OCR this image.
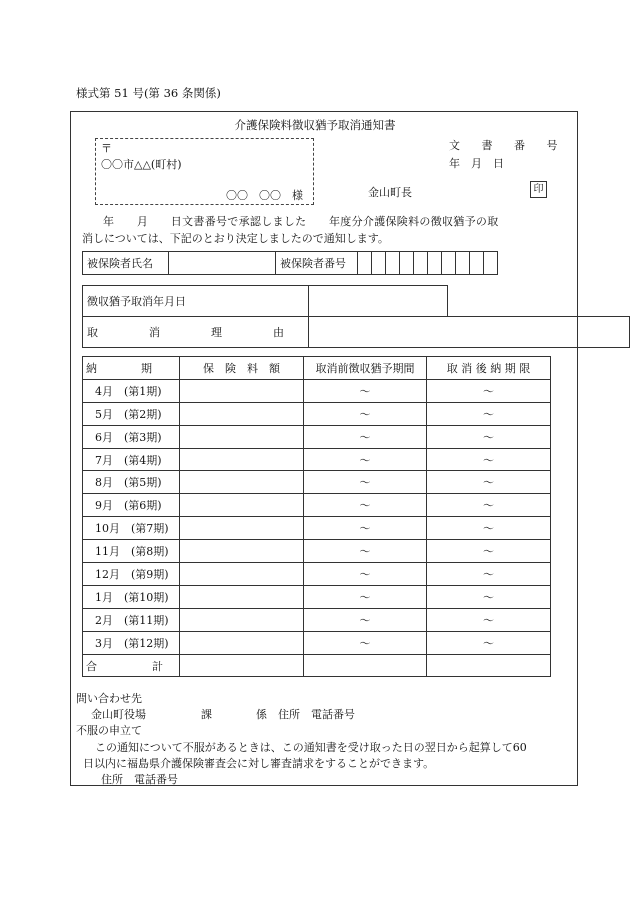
様式第 51 号(第 36 条関係)
介護保険料徴収猶予取消通知書
〒
〇〇市△△(町村)
〇〇　〇〇　様
文 書 番 号
年　月　日
金山町長	印
年　　月　　日文書番号で承認しました　　年度分介護保険料の徴収猶予の取
消しについては、下記のとおり決定しましたので通知します。
被保険者氏名		被保険者番号										
徴収猶予取消年月日		
取　消　理　由		
納　　　　期	保　険　料　額	取消前徴収猶予期間	取 消 後 納 期 限
4月　(第1期)		～	～
5月　(第2期)		～	～
6月　(第3期)		～	～
7月　(第4期)		～	～
8月　(第5期)		～	～
9月　(第6期)		～	～
10月　(第7期)		～	～
11月　(第8期)		～	～
12月　(第9期)		～	～
1月　(第10期)		～	～
2月　(第11期)		～	～
3月　(第12期)		～	～
合　　　　　計			
問い合わせ先
金山町役場　　　　　課　　　　係　住所　電話番号
不服の申立て
この通知について不服があるときは、この通知書を受け取った日の翌日から起算して60
日以内に福島県介護保険審査会に対し審査請求をすることができます。
住所　電話番号
